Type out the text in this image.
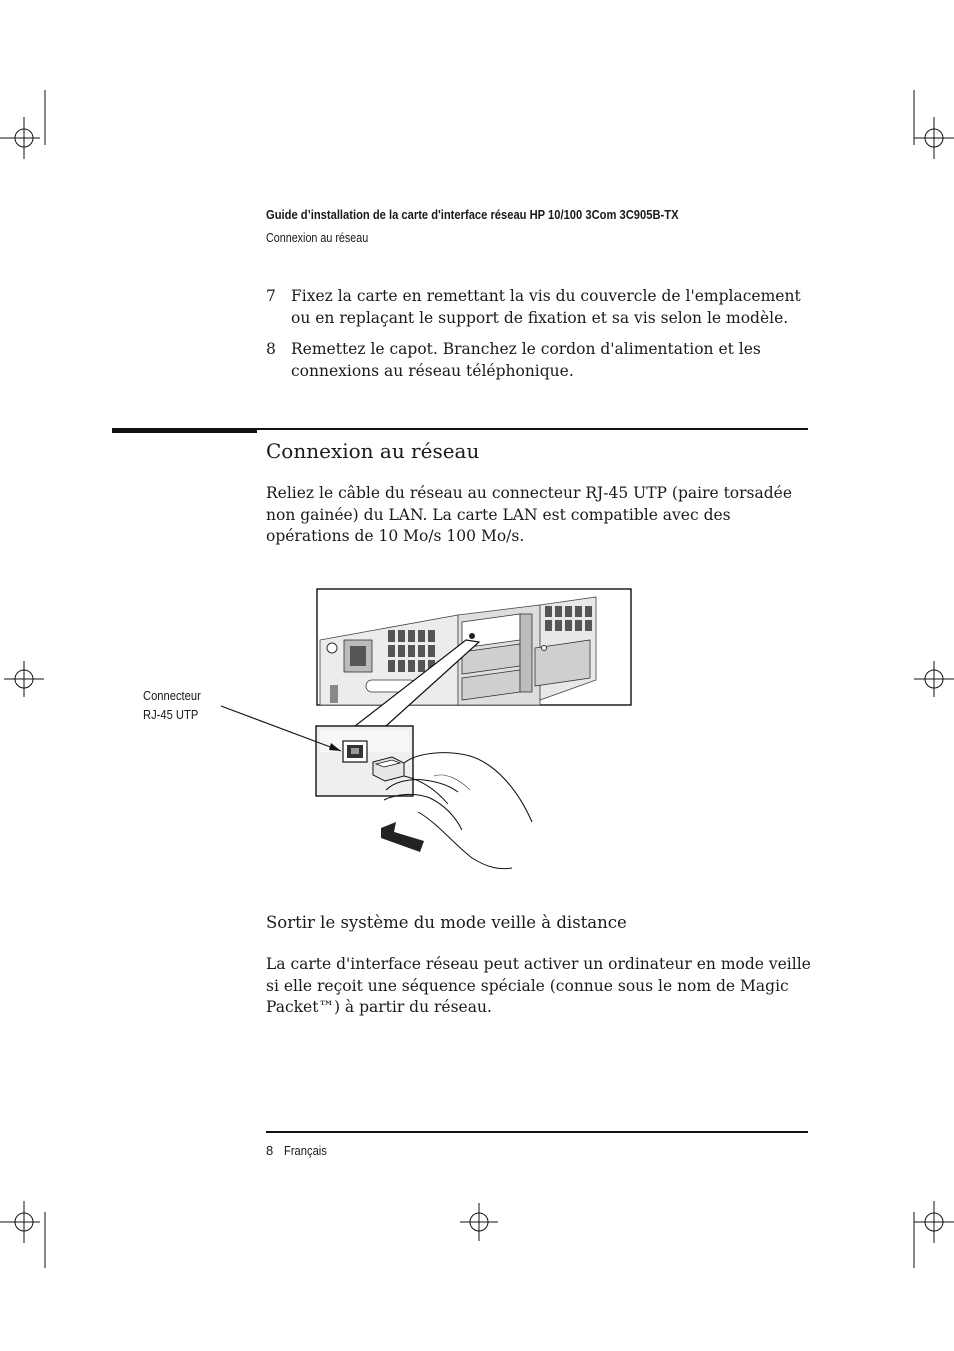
Guide d’installation de la carte d'interface réseau HP 10/100 3Com 3C905B-TX
Connexion au réseau
7 Fixez la carte en remettant la vis du couvercle de l'emplacement ou en replaçant le support de fixation et sa vis selon le modèle.
8 Remettez le capot. Branchez le cordon d'alimentation et les connexions au réseau téléphonique.
Connexion au réseau
Reliez le câble du réseau au connecteur RJ-45 UTP (paire torsadée non gainée) du LAN. La carte LAN est compatible avec des opérations de 10 Mo/s 100 Mo/s.
Connecteur
RJ-45 UTP
Sortir le système du mode veille à distance
La carte d'interface réseau peut activer un ordinateur en mode veille si elle reçoit une séquence spéciale (connue sous le nom de Magic Packet™) à partir du réseau.
8 Français
